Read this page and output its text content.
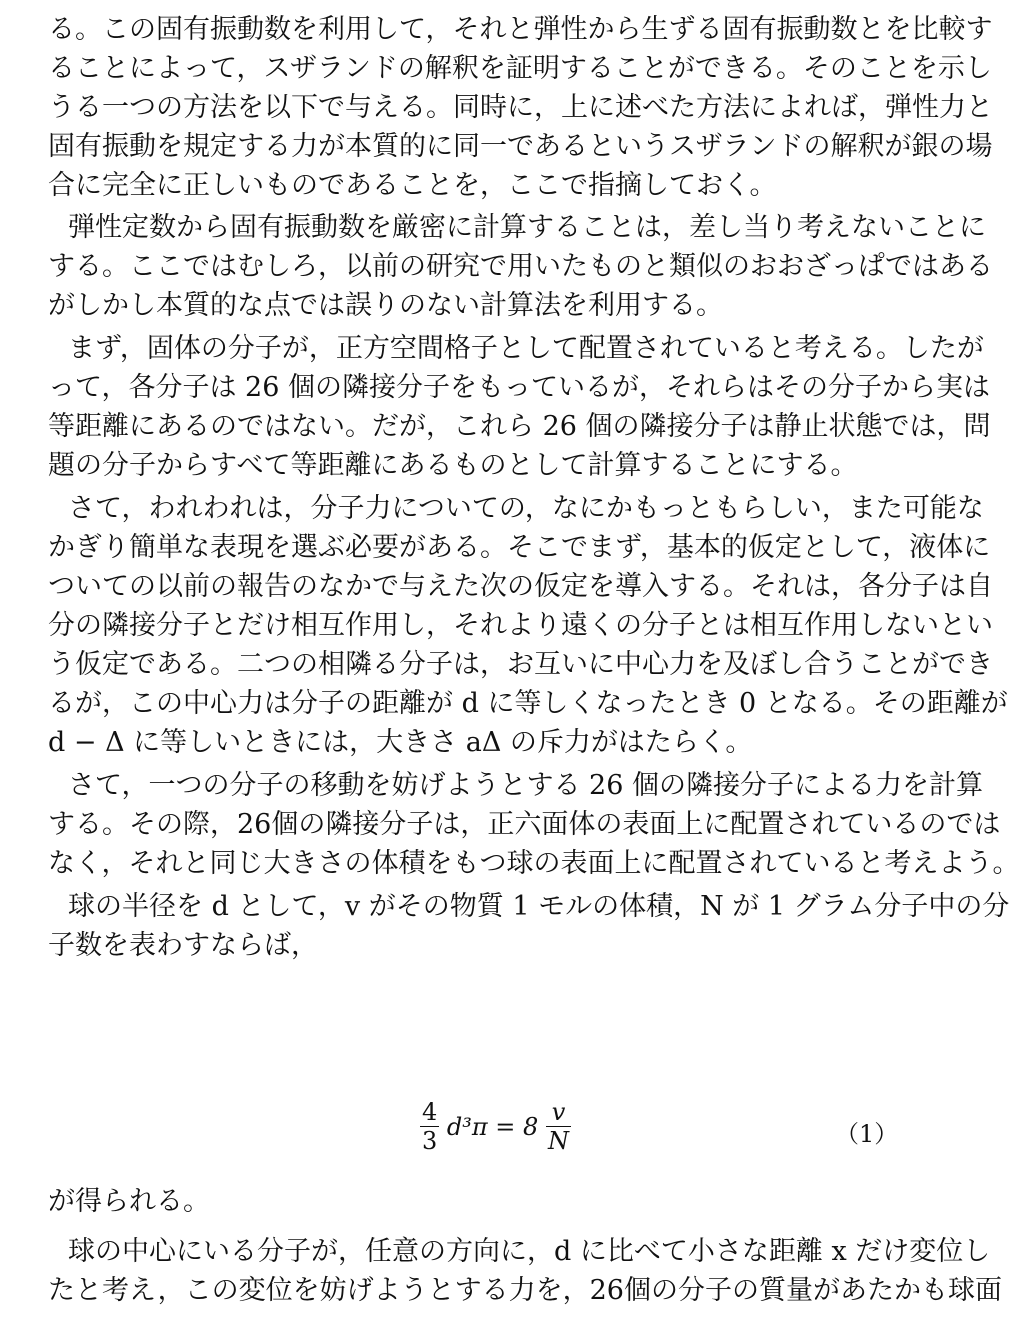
る。この固有振動数を利用して，それと弾性から生ずる固有振動数とを比較す
ることによって，スザランドの解釈を証明することができる。そのことを示し
うる一つの方法を以下で与える。同時に，上に述べた方法によれば，弾性力と
固有振動を規定する力が本質的に同一であるというスザランドの解釈が銀の場
合に完全に正しいものであることを，ここで指摘しておく。
弾性定数から固有振動数を厳密に計算することは，差し当り考えないことに
する。ここではむしろ，以前の研究で用いたものと類似のおおざっぱではある
がしかし本質的な点では誤りのない計算法を利用する。
まず，固体の分子が，正方空間格子として配置されていると考える。したが
って，各分子は 26 個の隣接分子をもっているが，それらはその分子から実は
等距離にあるのではない。だが，これら 26 個の隣接分子は静止状態では，問
題の分子からすべて等距離にあるものとして計算することにする。
さて，われわれは，分子力についての，なにかもっともらしい，また可能な
かぎり簡単な表現を選ぶ必要がある。そこでまず，基本的仮定として，液体に
ついての以前の報告のなかで与えた次の仮定を導入する。それは，各分子は自
分の隣接分子とだけ相互作用し，それより遠くの分子とは相互作用しないとい
う仮定である。二つの相隣る分子は，お互いに中心力を及ぼし合うことができ
るが，この中心力は分子の距離が d に等しくなったとき 0 となる。その距離が
d − Δ に等しいときには，大きさ aΔ の斥力がはたらく。
さて，一つの分子の移動を妨げようとする 26 個の隣接分子による力を計算
する。その際，26個の隣接分子は，正六面体の表面上に配置されているのでは
なく，それと同じ大きさの体積をもつ球の表面上に配置されていると考えよう。
球の半径を d として，v がその物質 1 モルの体積，N が 1 グラム分子中の分
子数を表わすならば，
$\frac{4}{3} d^3\pi = 8 \frac{v}{N}$	（1）
が得られる。
球の中心にいる分子が，任意の方向に，d に比べて小さな距離 x だけ変位し
たと考え，この変位を妨げようとする力を，26個の分子の質量があたかも球面
